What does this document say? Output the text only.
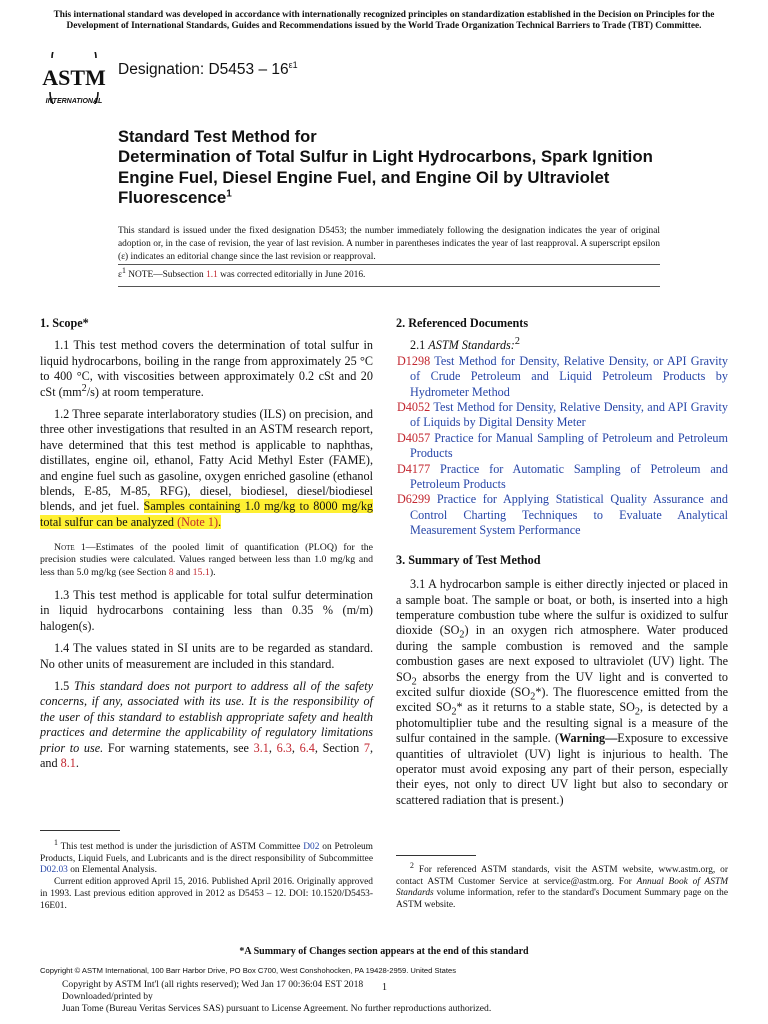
This international standard was developed in accordance with internationally recognized principles on standardization established in the Decision on Principles for the Development of International Standards, Guides and Recommendations issued by the World Trade Organization Technical Barriers to Trade (TBT) Committee.
ASTM
INTERNATIONAL
Designation: $D5453 - 16^{\varepsilon 1}$
Standard Test Method for
Determination of Total Sulfur in Light Hydrocarbons, Spark Ignition Engine Fuel, Diesel Engine Fuel, and Engine Oil by Ultraviolet Fluorescence$^1$
This standard is issued under the fixed designation D5453; the number immediately following the designation indicates the year of original adoption or, in the case of revision, the year of last revision. A number in parentheses indicates the year of last reapproval. A superscript epsilon (ε) indicates an editorial change since the last revision or reapproval.
$\varepsilon^1$ NOTE—Subsection 1.1 was corrected editorially in June 2016.
1. Scope*

1.1 This test method covers the determination of total sulfur in liquid hydrocarbons, boiling in the range from approximately 25 °C to 400 °C, with viscosities between approximately 0.2 cSt and 20 cSt $(mm^2/s)$ at room temperature.

1.2 Three separate interlaboratory studies (ILS) on precision, and three other investigations that resulted in an ASTM research report, have determined that this test method is applicable to naphthas, distillates, engine oil, ethanol, Fatty Acid Methyl Ester (FAME), and engine fuel such as gasoline, oxygen enriched gasoline (ethanol blends, E-85, M-85, RFG), diesel, biodiesel, diesel/biodiesel blends, and jet fuel. Samples containing 1.0 mg/kg to 8000 mg/kg total sulfur can be analyzed (Note 1).

Note 1—Estimates of the pooled limit of quantification (PLOQ) for the precision studies were calculated. Values ranged between less than 1.0 mg/kg and less than 5.0 mg/kg (see Section 8 and 15.1).

1.3 This test method is applicable for total sulfur determination in liquid hydrocarbons containing less than 0.35 % (m/m) halogen(s).

1.4 The values stated in SI units are to be regarded as standard. No other units of measurement are included in this standard.

1.5 This standard does not purport to address all of the safety concerns, if any, associated with its use. It is the responsibility of the user of this standard to establish appropriate safety and health practices and determine the applicability of regulatory limitations prior to use. For warning statements, see 3.1, 6.3, 6.4, Section 7, and 8.1.

$^1$ This test method is under the jurisdiction of ASTM Committee D02 on Petroleum Products, Liquid Fuels, and Lubricants and is the direct responsibility of Subcommittee D02.03 on Elemental Analysis.

Current edition approved April 15, 2016. Published April 2016. Originally approved in 1993. Last previous edition approved in 2012 as D5453 – 12. DOI: 10.1520/D5453-16E01.

2. Referenced Documents

2.1 ASTM Standards:$^2$

D1298 Test Method for Density, Relative Density, or API Gravity of Crude Petroleum and Liquid Petroleum Products by Hydrometer Method

D4052 Test Method for Density, Relative Density, and API Gravity of Liquids by Digital Density Meter

D4057 Practice for Manual Sampling of Petroleum and Petroleum Products

D4177 Practice for Automatic Sampling of Petroleum and Petroleum Products

D6299 Practice for Applying Statistical Quality Assurance and Control Charting Techniques to Evaluate Analytical Measurement System Performance

3. Summary of Test Method

3.1 A hydrocarbon sample is either directly injected or placed in a sample boat. The sample or boat, or both, is inserted into a high temperature combustion tube where the sulfur is oxidized to sulfur dioxide $(SO_2)$ in an oxygen rich atmosphere. Water produced during the sample combustion is removed and the sample combustion gases are next exposed to ultraviolet (UV) light. The $SO_2$ absorbs the energy from the UV light and is converted to excited sulfur dioxide $(SO_2*)$. The fluorescence emitted from the excited $SO_2*$ as it returns to a stable state, $SO_2$, is detected by a photomultiplier tube and the resulting signal is a measure of the sulfur contained in the sample. (Warning—Exposure to excessive quantities of ultraviolet (UV) light is injurious to health. The operator must avoid exposing any part of their person, especially their eyes, not only to direct UV light but also to secondary or scattered radiation that is present.)

$^2$ For referenced ASTM standards, visit the ASTM website, www.astm.org, or contact ASTM Customer Service at service@astm.org. For Annual Book of ASTM Standards volume information, refer to the standard's Document Summary page on the ASTM website.

*A Summary of Changes section appears at the end of this standard
Copyright © ASTM International, 100 Barr Harbor Drive, PO Box C700, West Conshohocken, PA 19428-2959. United States
Copyright by ASTM Int'l (all rights reserved); Wed Jan 17 00:36:04 EST 2018
Downloaded/printed by
Juan Tome (Bureau Veritas Services SAS) pursuant to License Agreement. No further reproductions authorized.
1
